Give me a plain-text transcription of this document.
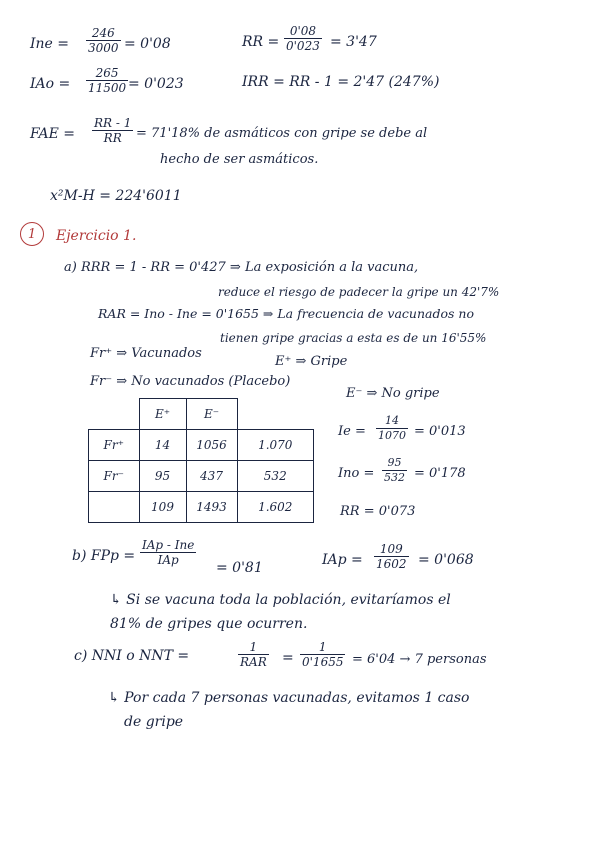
Ine =
246
3000 = 0'08
IAo =
265
11500 = 0'023
RR =
0'08
0'023 = 3'47
IRR = RR - 1 = 2'47 (247%)
FAE =
RR - 1
RR = 71'18% de asmáticos con gripe se debe al
hecho de ser asmáticos.
x²M-H = 224'6011
1	Ejercicio 1.
a) RRR = 1 - RR = 0'427 ⇒ La exposición a la vacuna,
reduce el riesgo de padecer la gripe un 42'7%
RAR = Ino - Ine = 0'1655 ⇒ La frecuencia de vacunados no
tienen gripe gracias a esta es de un 16'55%
Fr⁺ ⇒ Vacunados
E⁺ ⇒ Gripe
Fr⁻ ⇒ No vacunados (Placebo)
E⁻ ⇒ No gripe
	E⁺	E⁻	
Fr⁺	14	1056	1.070
Fr⁻	95	437	532
	109	1493	1.602
Ie =
14
1070 = 0'013
Ino =
95
532 = 0'178
RR = 0'073
b) FPp =
IAp - Ine
IAp	= 0'81	IAp =
109
1602 = 0'068
↳ Si se vacuna toda la población, evitaríamos el
81% de gripes que ocurren.
c) NNI o NNT =
1
RAR =
1
0'1655 = 6'04 → 7 personas
↳ Por cada 7 personas vacunadas, evitamos 1 caso
de gripe
